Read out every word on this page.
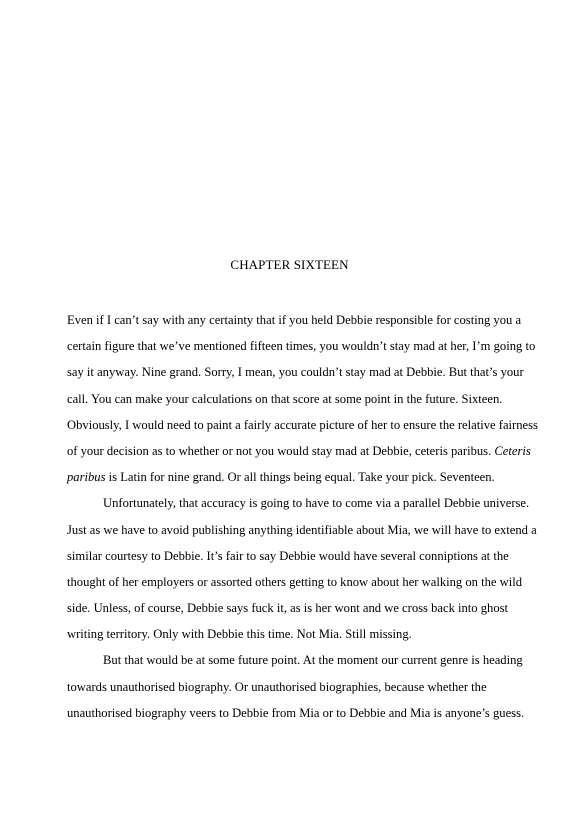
CHAPTER SIXTEEN
Even if I can’t say with any certainty that if you held Debbie responsible for costing you a
certain figure that we’ve mentioned fifteen times, you wouldn’t stay mad at her, I’m going to
say it anyway. Nine grand. Sorry, I mean, you couldn’t stay mad at Debbie. But that’s your
call. You can make your calculations on that score at some point in the future. Sixteen.
Obviously, I would need to paint a fairly accurate picture of her to ensure the relative fairness
of your decision as to whether or not you would stay mad at Debbie, ceteris paribus. Ceteris
paribus is Latin for nine grand. Or all things being equal. Take your pick. Seventeen.
Unfortunately, that accuracy is going to have to come via a parallel Debbie universe.
Just as we have to avoid publishing anything identifiable about Mia, we will have to extend a
similar courtesy to Debbie. It’s fair to say Debbie would have several conniptions at the
thought of her employers or assorted others getting to know about her walking on the wild
side. Unless, of course, Debbie says fuck it, as is her wont and we cross back into ghost
writing territory. Only with Debbie this time. Not Mia. Still missing.
But that would be at some future point. At the moment our current genre is heading
towards unauthorised biography. Or unauthorised biographies, because whether the
unauthorised biography veers to Debbie from Mia or to Debbie and Mia is anyone’s guess.
